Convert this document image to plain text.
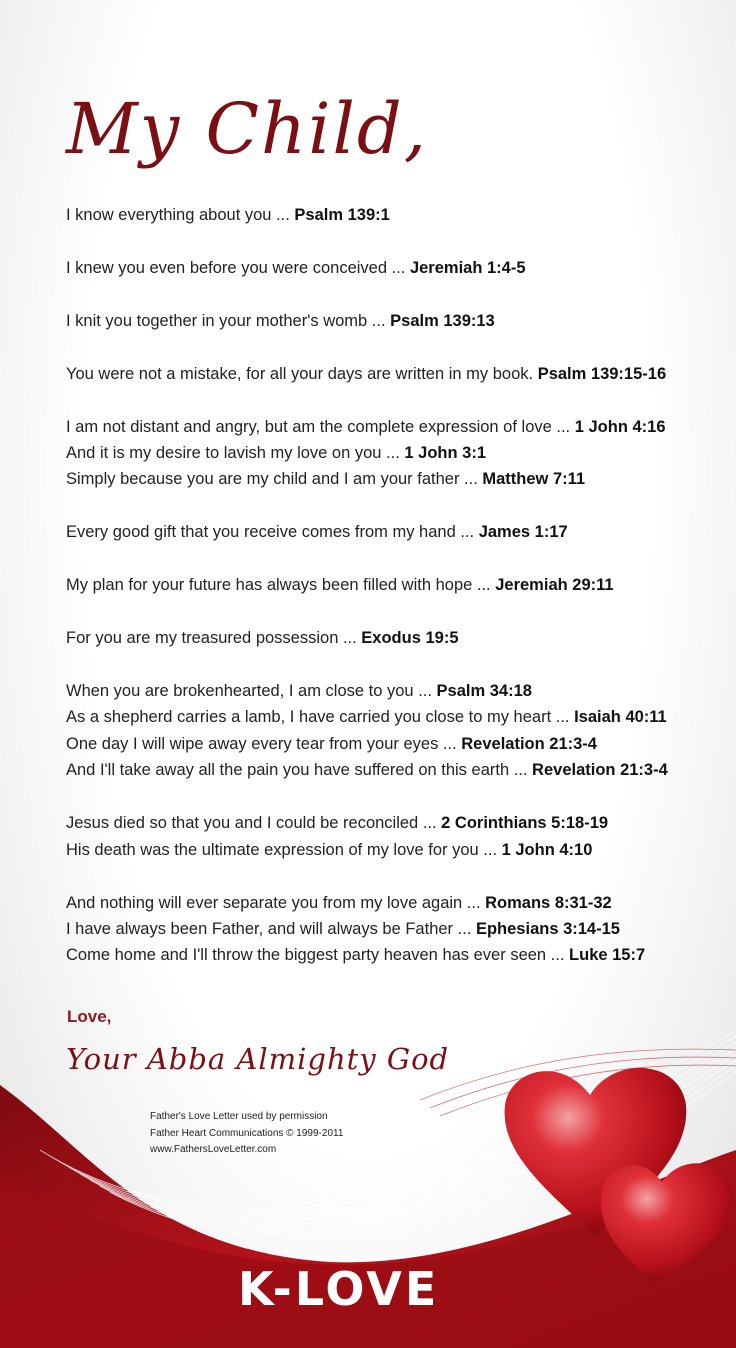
My Child,
I know everything about you ... Psalm 139:1
I knew you even before you were conceived ... Jeremiah 1:4-5
I knit you together in your mother's womb ... Psalm 139:13
You were not a mistake, for all your days are written in my book. Psalm 139:15-16
I am not distant and angry, but am the complete expression of love ... 1 John 4:16
And it is my desire to lavish my love on you ... 1 John 3:1
Simply because you are my child and I am your father ... Matthew 7:11
Every good gift that you receive comes from my hand ... James 1:17
My plan for your future has always been filled with hope ... Jeremiah 29:11
For you are my treasured possession ... Exodus 19:5
When you are brokenhearted, I am close to you ... Psalm 34:18
As a shepherd carries a lamb, I have carried you close to my heart ... Isaiah 40:11
One day I will wipe away every tear from your eyes ... Revelation 21:3-4
And I'll take away all the pain you have suffered on this earth ... Revelation 21:3-4
Jesus died so that you and I could be reconciled ... 2 Corinthians 5:18-19
His death was the ultimate expression of my love for you ... 1 John 4:10
And nothing will ever separate you from my love again ... Romans 8:31-32
I have always been Father, and will always be Father ... Ephesians 3:14-15
Come home and I'll throw the biggest party heaven has ever seen ... Luke 15:7
Love,
Your Abba Almighty God
Father's Love Letter used by permission
Father Heart Communications © 1999-2011
www.FathersLoveLetter.com
K-LOVE
